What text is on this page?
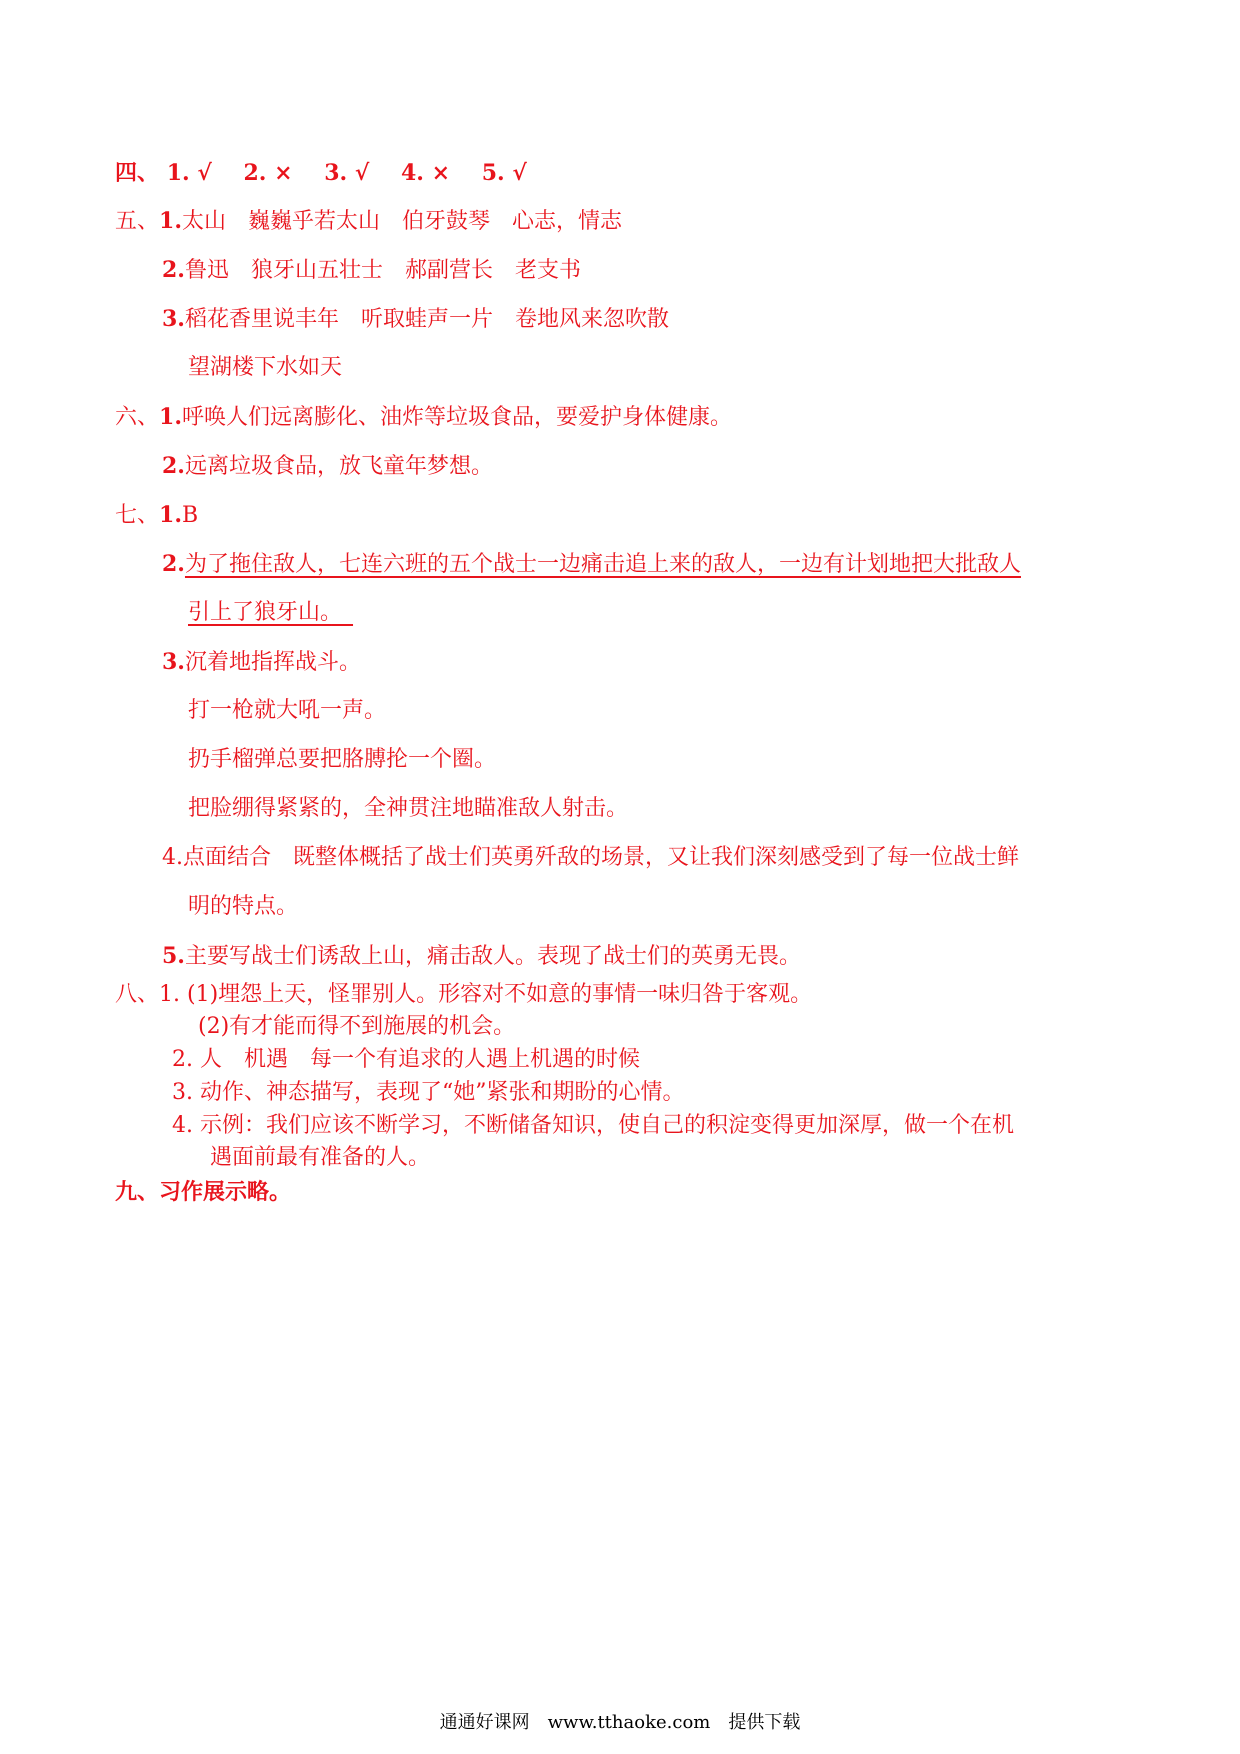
四、 1. √ 2. × 3. √ 4. × 5. √
五、1.太山　巍巍乎若太山　伯牙鼓琴　心志，情志
2.鲁迅　狼牙山五壮士　郝副营长　老支书
3.稻花香里说丰年　听取蛙声一片　卷地风来忽吹散
望湖楼下水如天
六、1.呼唤人们远离膨化、油炸等垃圾食品，要爱护身体健康。
2.远离垃圾食品，放飞童年梦想。
七、1.B
2.为了拖住敌人，七连六班的五个战士一边痛击追上来的敌人，一边有计划地把大批敌人
引上了狼牙山。　
3.沉着地指挥战斗。
打一枪就大吼一声。
扔手榴弹总要把胳膊抡一个圈。
把脸绷得紧紧的，全神贯注地瞄准敌人射击。
4.点面结合　既整体概括了战士们英勇歼敌的场景，又让我们深刻感受到了每一位战士鲜
明的特点。
5.主要写战士们诱敌上山，痛击敌人。表现了战士们的英勇无畏。
八、1. (1)埋怨上天，怪罪别人。形容对不如意的事情一味归咎于客观。
(2)有才能而得不到施展的机会。
2. 人　机遇　每一个有追求的人遇上机遇的时候
3. 动作、神态描写，表现了“她”紧张和期盼的心情。
4. 示例：我们应该不断学习，不断储备知识，使自己的积淀变得更加深厚，做一个在机
遇面前最有准备的人。
九、习作展示略。
通通好课网　www.tthaoke.com　提供下载
